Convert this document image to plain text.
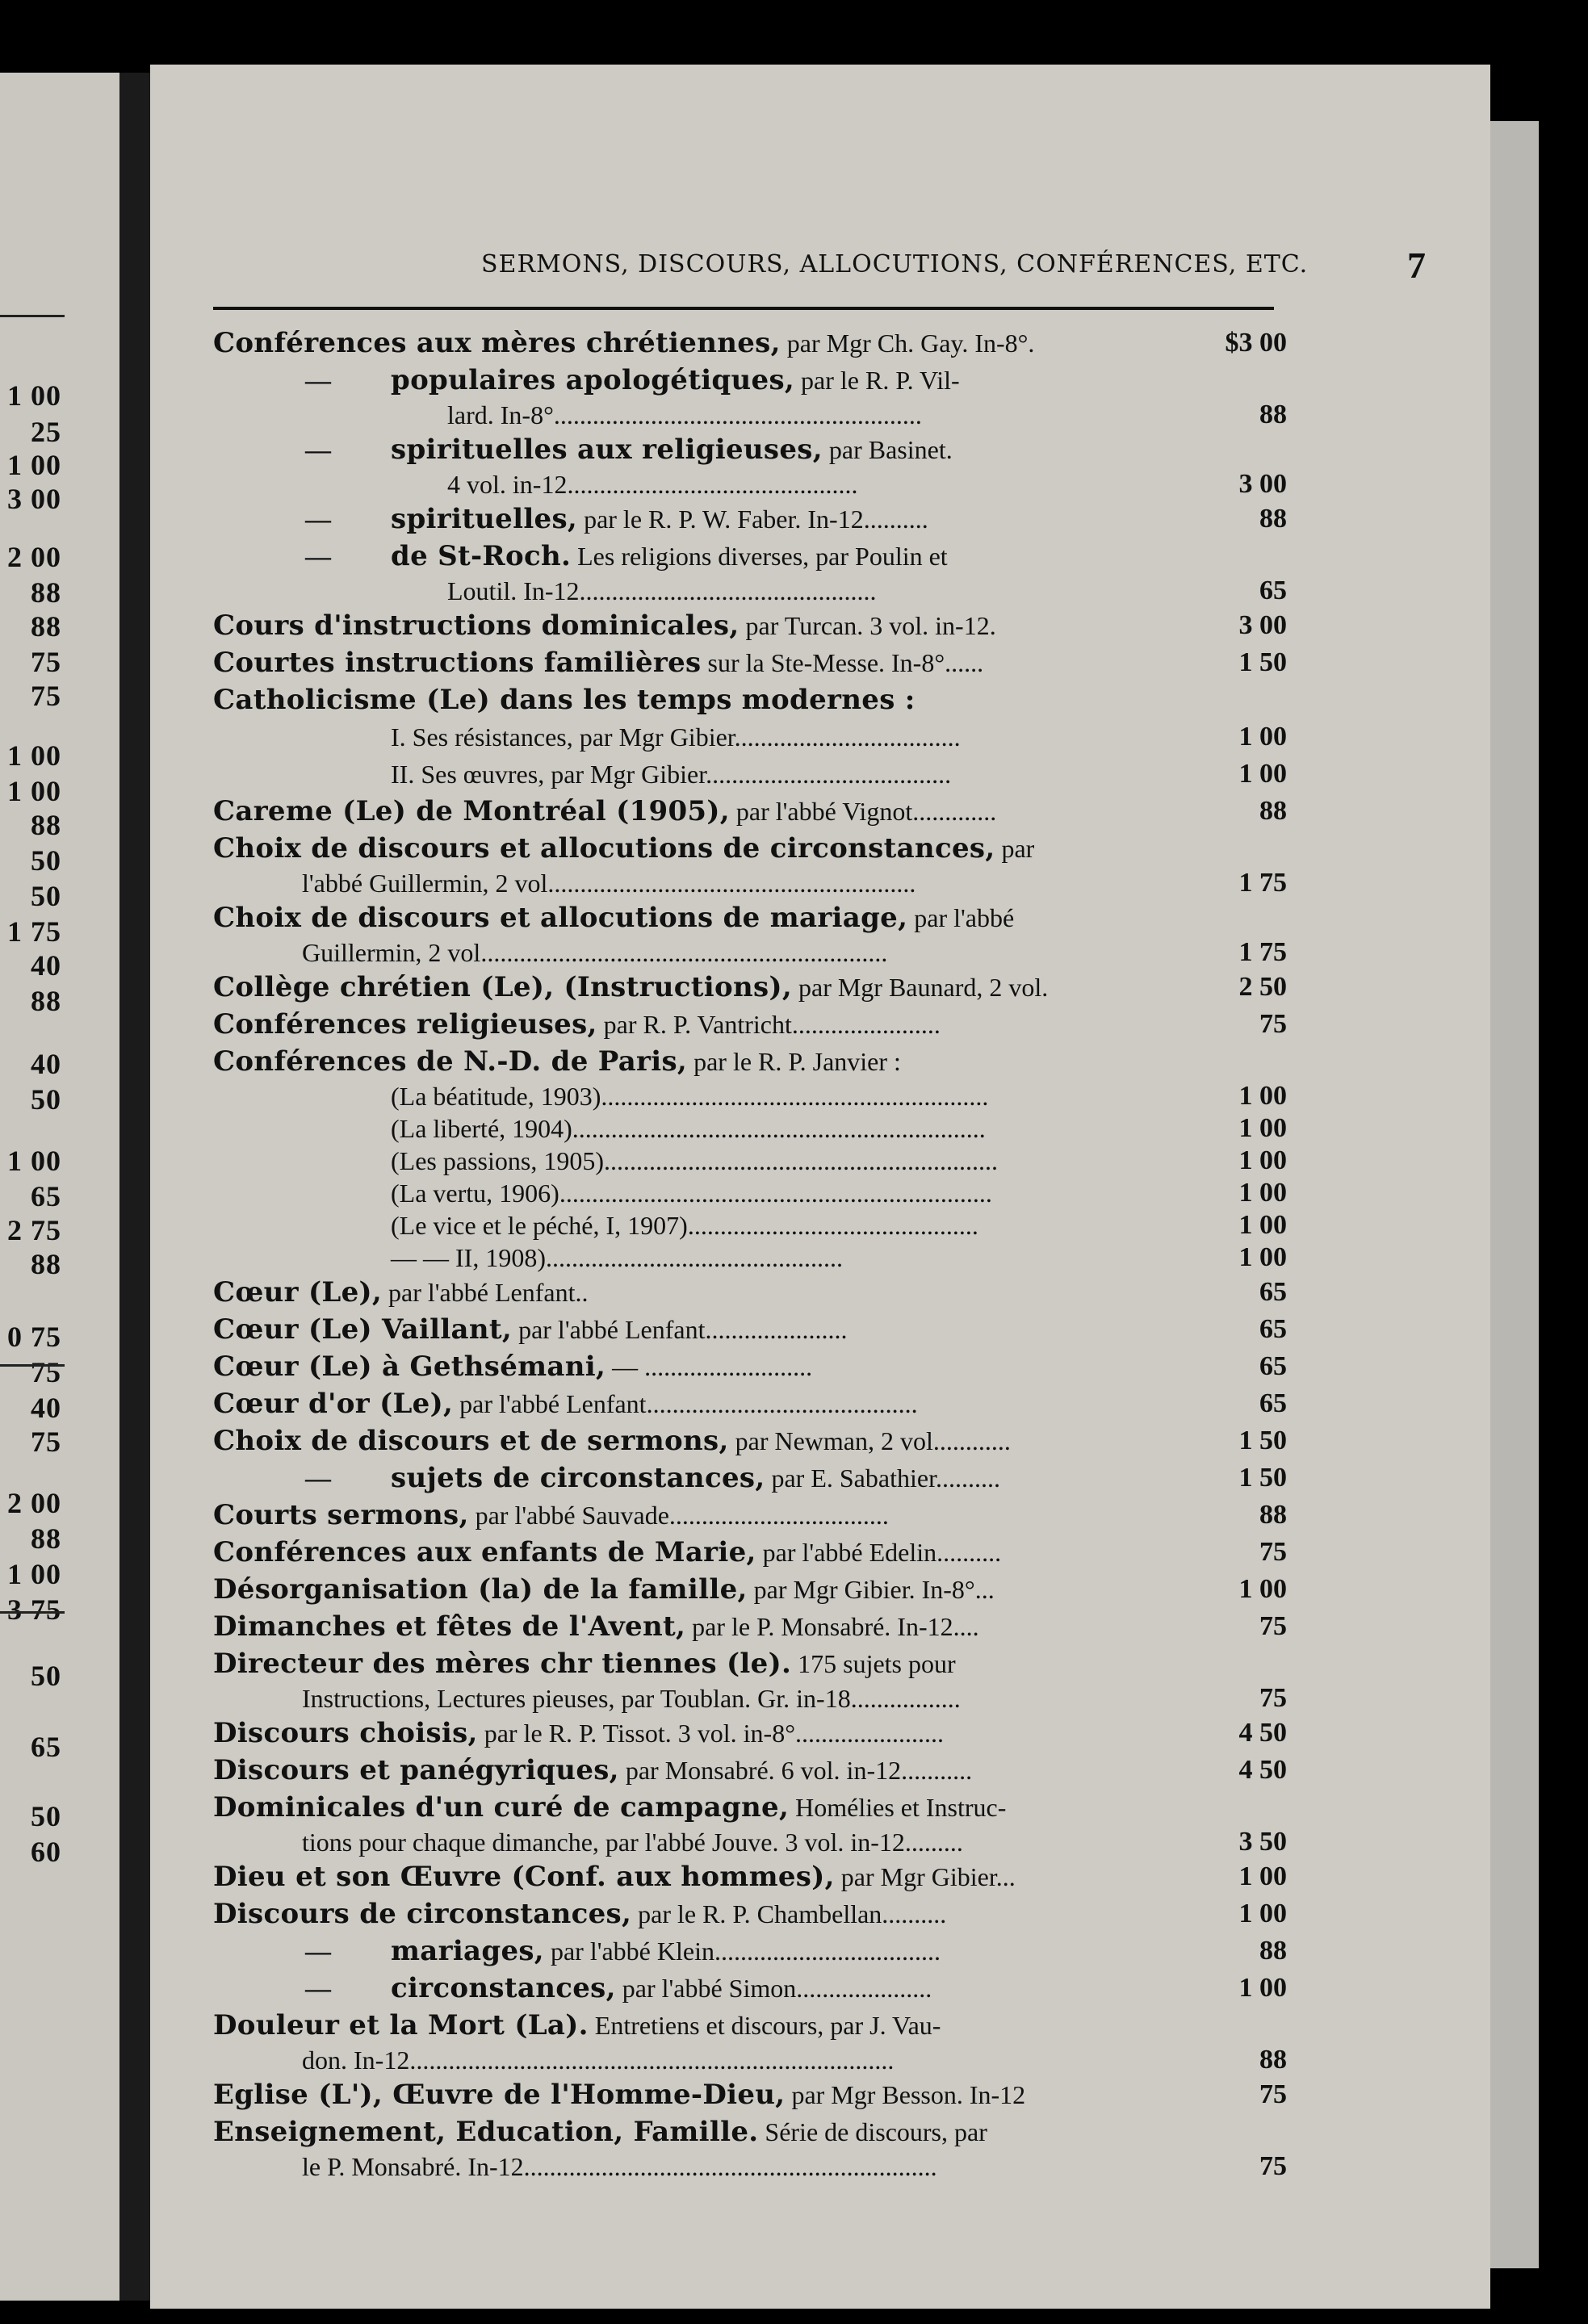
1 00
25
1 00
3 00
2 00
88
88
75
75
1 00
1 00
88
50
50
1 75
40
88
40
50
1 00
65
2 75
88
0 75
75
40
75
2 00
88
1 00
3 75
50
65
50
60
SERMONS, DISCOURS, ALLOCUTIONS, CONFÉRENCES, ETC.	7
Conférences aux mères chrétiennes, par Mgr Ch. Gay. In-8°.	$3 00
— populaires apologétiques, par le R. P. Vil-
lard. In-8°.........................................................	88
— spirituelles aux religieuses, par Basinet.
4 vol. in-12.............................................	3 00
— spirituelles, par le R. P. W. Faber. In-12..........	88
— de St-Roch. Les religions diverses, par Poulin et
Loutil. In-12..............................................	65
Cours d'instructions dominicales, par Turcan. 3 vol. in-12.	3 00
Courtes instructions familières sur la Ste-Messe. In-8°......	1 50
Catholicisme (Le) dans les temps modernes :
I. Ses résistances, par Mgr Gibier...................................	1 00
II. Ses œuvres, par Mgr Gibier......................................	1 00
Careme (Le) de Montréal (1905), par l'abbé Vignot.............	88
Choix de discours et allocutions de circonstances, par
l'abbé Guillermin, 2 vol.........................................................	1 75
Choix de discours et allocutions de mariage, par l'abbé
Guillermin, 2 vol...............................................................	1 75
Collège chrétien (Le), (Instructions), par Mgr Baunard, 2 vol.	2 50
Conférences religieuses, par R. P. Vantricht.......................	75
Conférences de N.-D. de Paris, par le R. P. Janvier :
(La béatitude, 1903)............................................................	1 00
(La liberté, 1904)................................................................	1 00
(Les passions, 1905).............................................................	1 00
(La vertu, 1906)...................................................................	1 00
(Le vice et le péché, I, 1907).............................................	1 00
— — II, 1908)..............................................	1 00
Cœur (Le), par l'abbé Lenfant..	65
Cœur (Le) Vaillant, par l'abbé Lenfant......................	65
Cœur (Le) à Gethsémani, — ..........................	65
Cœur d'or (Le), par l'abbé Lenfant..........................................	65
Choix de discours et de sermons, par Newman, 2 vol............	1 50
— sujets de circonstances, par E. Sabathier..........	1 50
Courts sermons, par l'abbé Sauvade..................................	88
Conférences aux enfants de Marie, par l'abbé Edelin..........	75
Désorganisation (la) de la famille, par Mgr Gibier. In-8°...	1 00
Dimanches et fêtes de l'Avent, par le P. Monsabré. In-12....	75
Directeur des mères chr tiennes (le). 175 sujets pour
Instructions, Lectures pieuses, par Toublan. Gr. in-18.................	75
Discours choisis, par le R. P. Tissot. 3 vol. in-8°.......................	4 50
Discours et panégyriques, par Monsabré. 6 vol. in-12...........	4 50
Dominicales d'un curé de campagne, Homélies et Instruc-
tions pour chaque dimanche, par l'abbé Jouve. 3 vol. in-12.........	3 50
Dieu et son Œuvre (Conf. aux hommes), par Mgr Gibier...	1 00
Discours de circonstances, par le R. P. Chambellan..........	1 00
— mariages, par l'abbé Klein...................................	88
— circonstances, par l'abbé Simon.....................	1 00
Douleur et la Mort (La). Entretiens et discours, par J. Vau-
don. In-12...........................................................................	88
Eglise (L'), Œuvre de l'Homme-Dieu, par Mgr Besson. In-12	75
Enseignement, Education, Famille. Série de discours, par
le P. Monsabré. In-12................................................................	75
